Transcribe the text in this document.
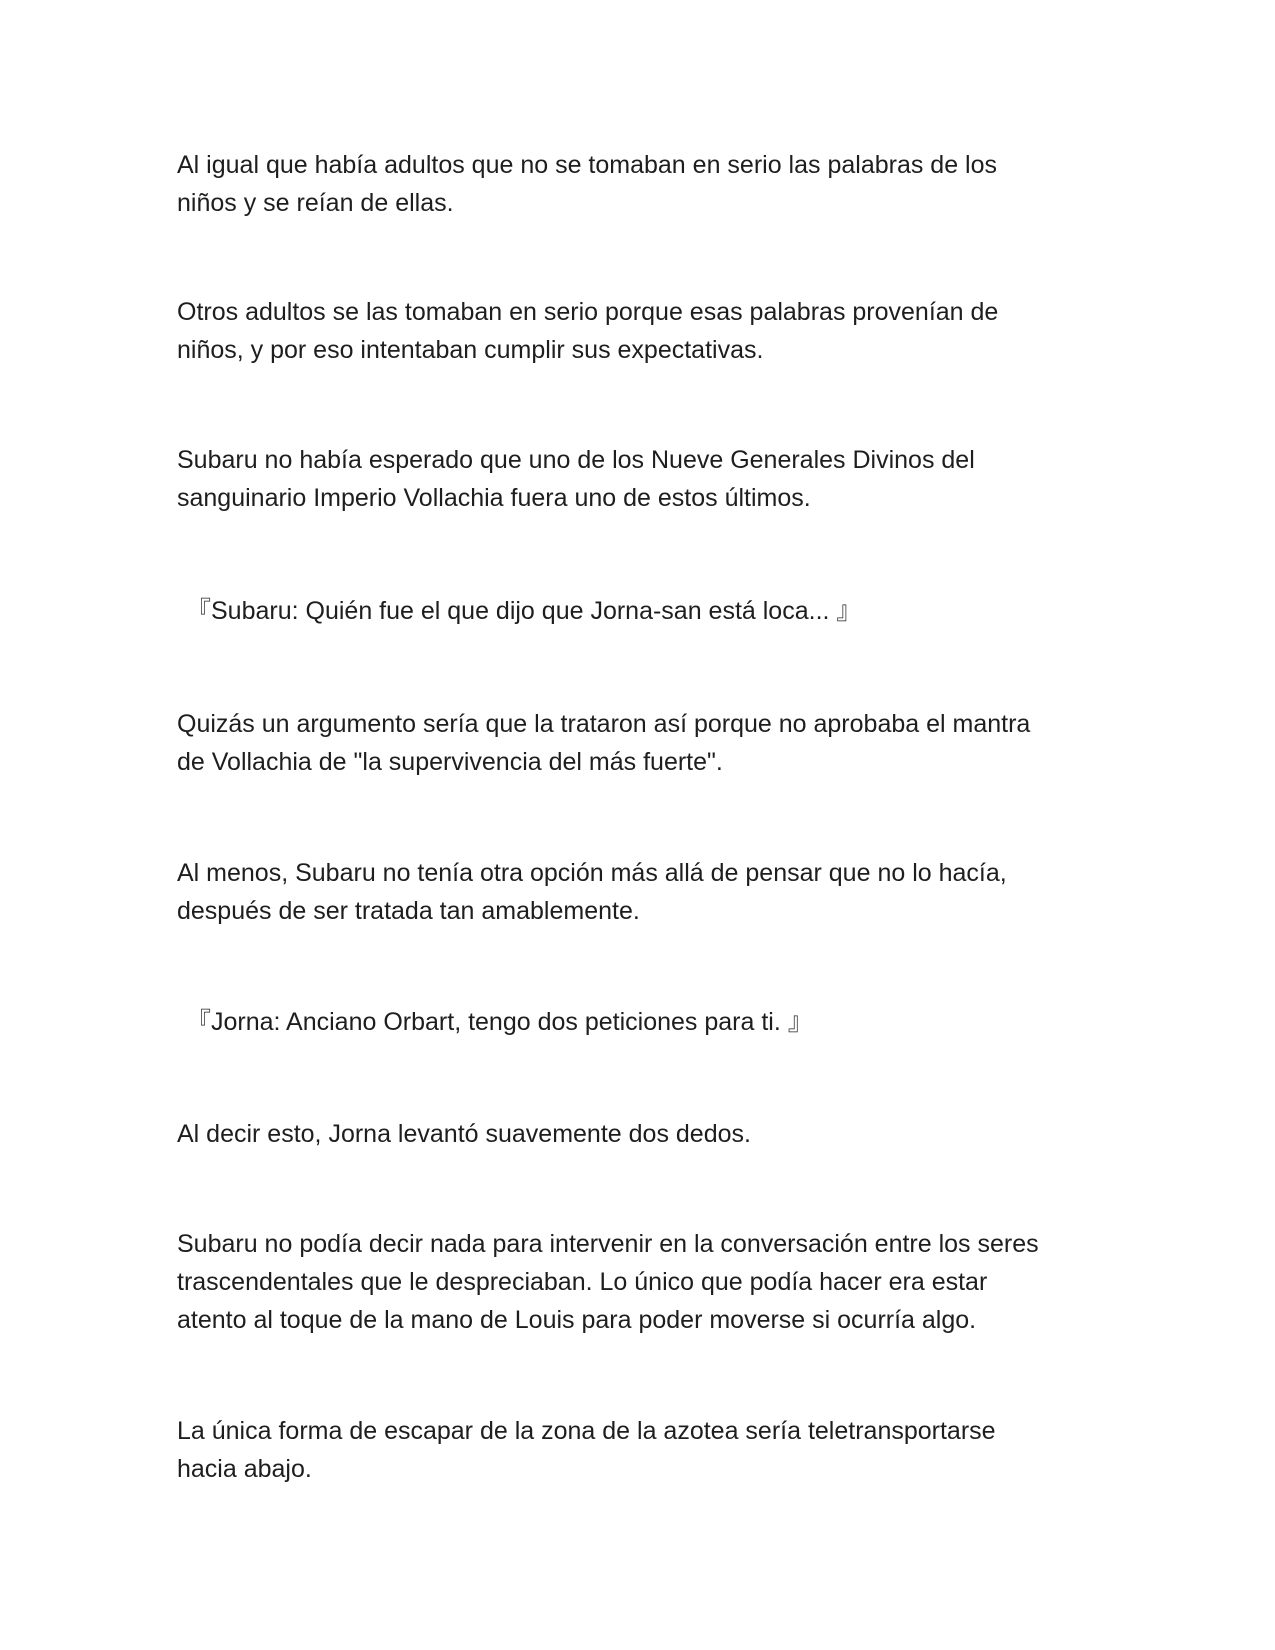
Al igual que había adultos que no se tomaban en serio las palabras de los
niños y se reían de ellas.

Otros adultos se las tomaban en serio porque esas palabras provenían de
niños, y por eso intentaban cumplir sus expectativas.

Subaru no había esperado que uno de los Nueve Generales Divinos del
sanguinario Imperio Vollachia fuera uno de estos últimos.

『Subaru: Quién fue el que dijo que Jorna-san está loca... 』

Quizás un argumento sería que la trataron así porque no aprobaba el mantra
de Vollachia de "la supervivencia del más fuerte".

Al menos, Subaru no tenía otra opción más allá de pensar que no lo hacía,
después de ser tratada tan amablemente.

『Jorna: Anciano Orbart, tengo dos peticiones para ti. 』

Al decir esto, Jorna levantó suavemente dos dedos.

Subaru no podía decir nada para intervenir en la conversación entre los seres
trascendentales que le despreciaban. Lo único que podía hacer era estar
atento al toque de la mano de Louis para poder moverse si ocurría algo.

La única forma de escapar de la zona de la azotea sería teletransportarse
hacia abajo.
